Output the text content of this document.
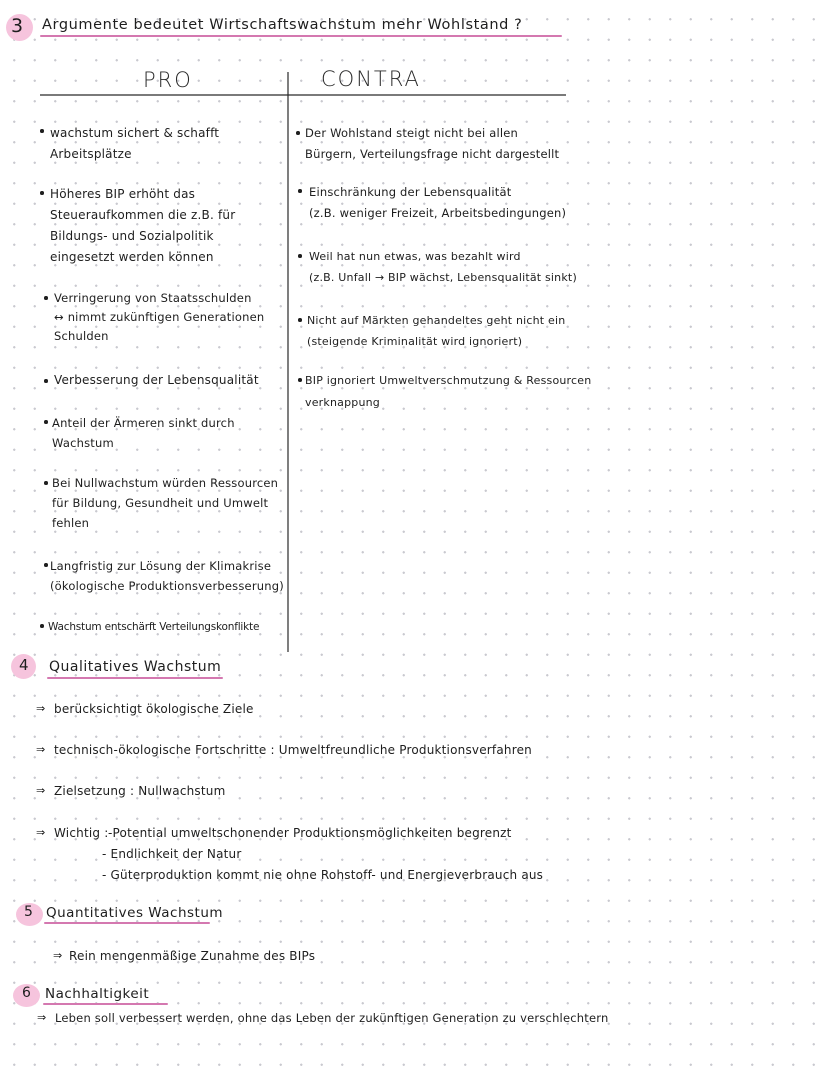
3 Argumente bedeutet Wirtschaftswachstum mehr Wohlstand ?
PRO	CONTRA
wachstum sichert & schafft
Arbeitsplätze
Höheres BIP erhöht das
Steueraufkommen die z.B. für
Bildungs- und Sozialpolitik
eingesetzt werden können
Verringerung von Staatsschulden
↔ nimmt zukünftigen Generationen
Schulden
Verbesserung der Lebensqualität
Anteil der Ärmeren sinkt durch
Wachstum
Bei Nullwachstum würden Ressourcen
für Bildung, Gesundheit und Umwelt
fehlen
Langfristig zur Lösung der Klimakrise
(ökologische Produktionsverbesserung)
Wachstum entschärft Verteilungskonflikte
Der Wohlstand steigt nicht bei allen
Bürgern, Verteilungsfrage nicht dargestellt
Einschränkung der Lebensqualität
(z.B. weniger Freizeit, Arbeitsbedingungen)
Weil hat nun etwas, was bezahlt wird
(z.B. Unfall → BIP wächst, Lebensqualität sinkt)
Nicht auf Märkten gehandeltes geht nicht ein
(steigende Kriminalität wird ignoriert)
BIP ignoriert Umweltverschmutzung & Ressourcen
verknappung
4 Qualitatives Wachstum
⇒ berücksichtigt ökologische Ziele
⇒ technisch-ökologische Fortschritte : Umweltfreundliche Produktionsverfahren
⇒ Zielsetzung : Nullwachstum
⇒ Wichtig : -Potential umweltschonender Produktionsmöglichkeiten begrenzt
- Endlichkeit der Natur
- Güterproduktion kommt nie ohne Rohstoff- und Energieverbrauch aus
5 Quantitatives Wachstum
⇒ Rein mengenmäßige Zunahme des BIPs
6 Nachhaltigkeit
⇒ Leben soll verbessert werden, ohne das Leben der zukünftigen Generation zu verschlechtern
